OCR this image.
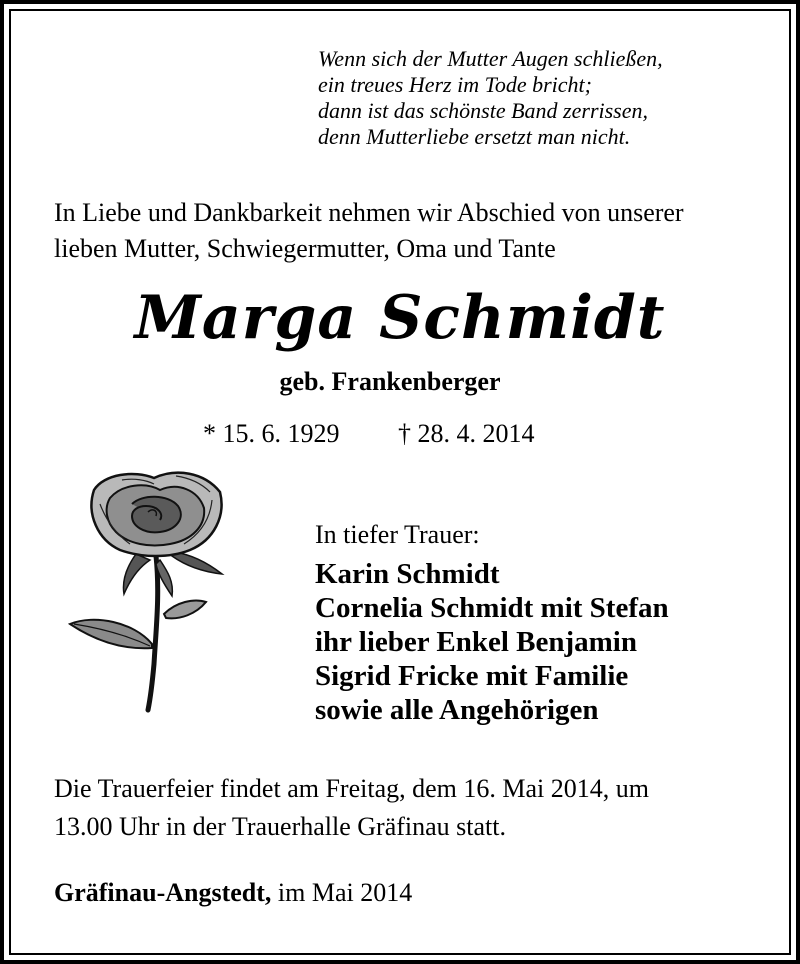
Wenn sich der Mutter Augen schließen,
ein treues Herz im Tode bricht;
dann ist das schönste Band zerrissen,
denn Mutterliebe ersetzt man nicht.
In Liebe und Dankbarkeit nehmen wir Abschied von unserer
lieben Mutter, Schwiegermutter, Oma und Tante
Marga Schmidt
geb. Frankenberger
* 15. 6. 1929 † 28. 4. 2014
In tiefer Trauer:
Karin Schmidt
Cornelia Schmidt mit Stefan
ihr lieber Enkel Benjamin
Sigrid Fricke mit Familie
sowie alle Angehörigen
Die Trauerfeier findet am Freitag, dem 16. Mai 2014, um
13.00 Uhr in der Trauerhalle Gräfinau statt.
Gräfinau-Angstedt, im Mai 2014
